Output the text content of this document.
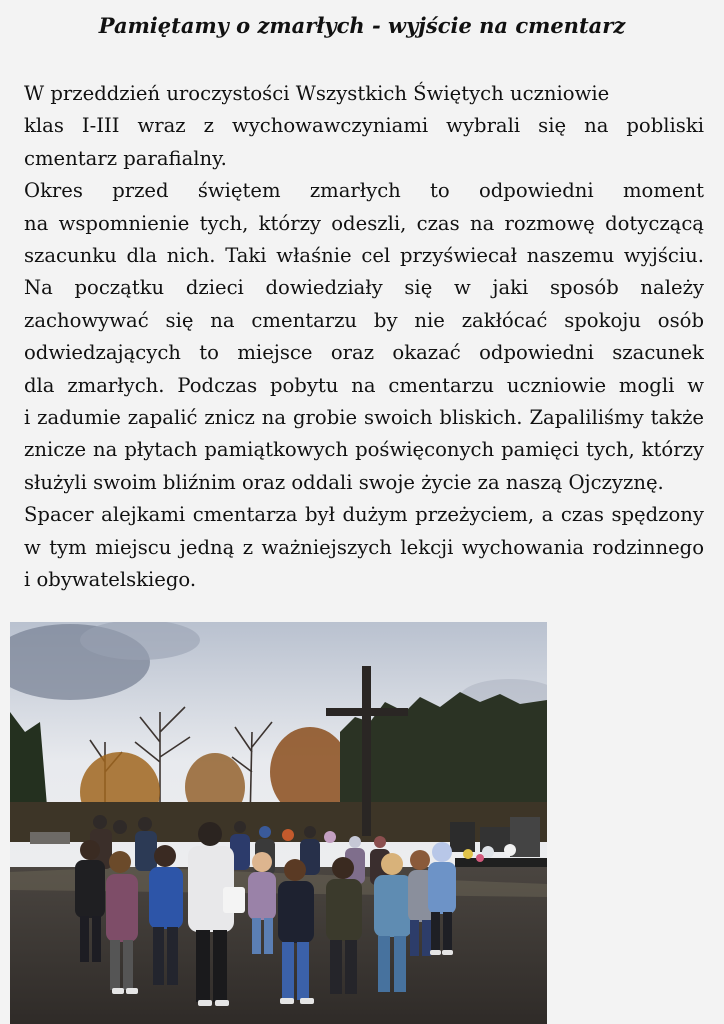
Pamiętamy o zmarłych - wyjście na cmentarz

W przeddzień uroczystości Wszystkich Świętych uczniowie
klas I-III wraz z wychowawczyniami wybrali się na pobliski
cmentarz parafialny.

Okres przed świętem zmarłych to odpowiedni moment
na wspomnienie tych, którzy odeszli, czas na rozmowę dotyczącą
szacunku dla nich. Taki właśnie cel przyświecał naszemu wyjściu.
Na początku dzieci dowiedziały się w jaki sposób należy
zachowywać się na cmentarzu by nie zakłócać spokoju osób
odwiedzających to miejsce oraz okazać odpowiedni szacunek
dla zmarłych. Podczas pobytu na cmentarzu uczniowie mogli w
i zadumie zapalić znicz na grobie swoich bliskich. Zapaliliśmy także
znicze na płytach pamiątkowych poświęconych pamięci tych, którzy
służyli swoim bliźnim oraz oddali swoje życie za naszą Ojczyznę.

Spacer alejkami cmentarza był dużym przeżyciem, a czas spędzony
w tym miejscu jedną z ważniejszych lekcji wychowania rodzinnego
i obywatelskiego.
